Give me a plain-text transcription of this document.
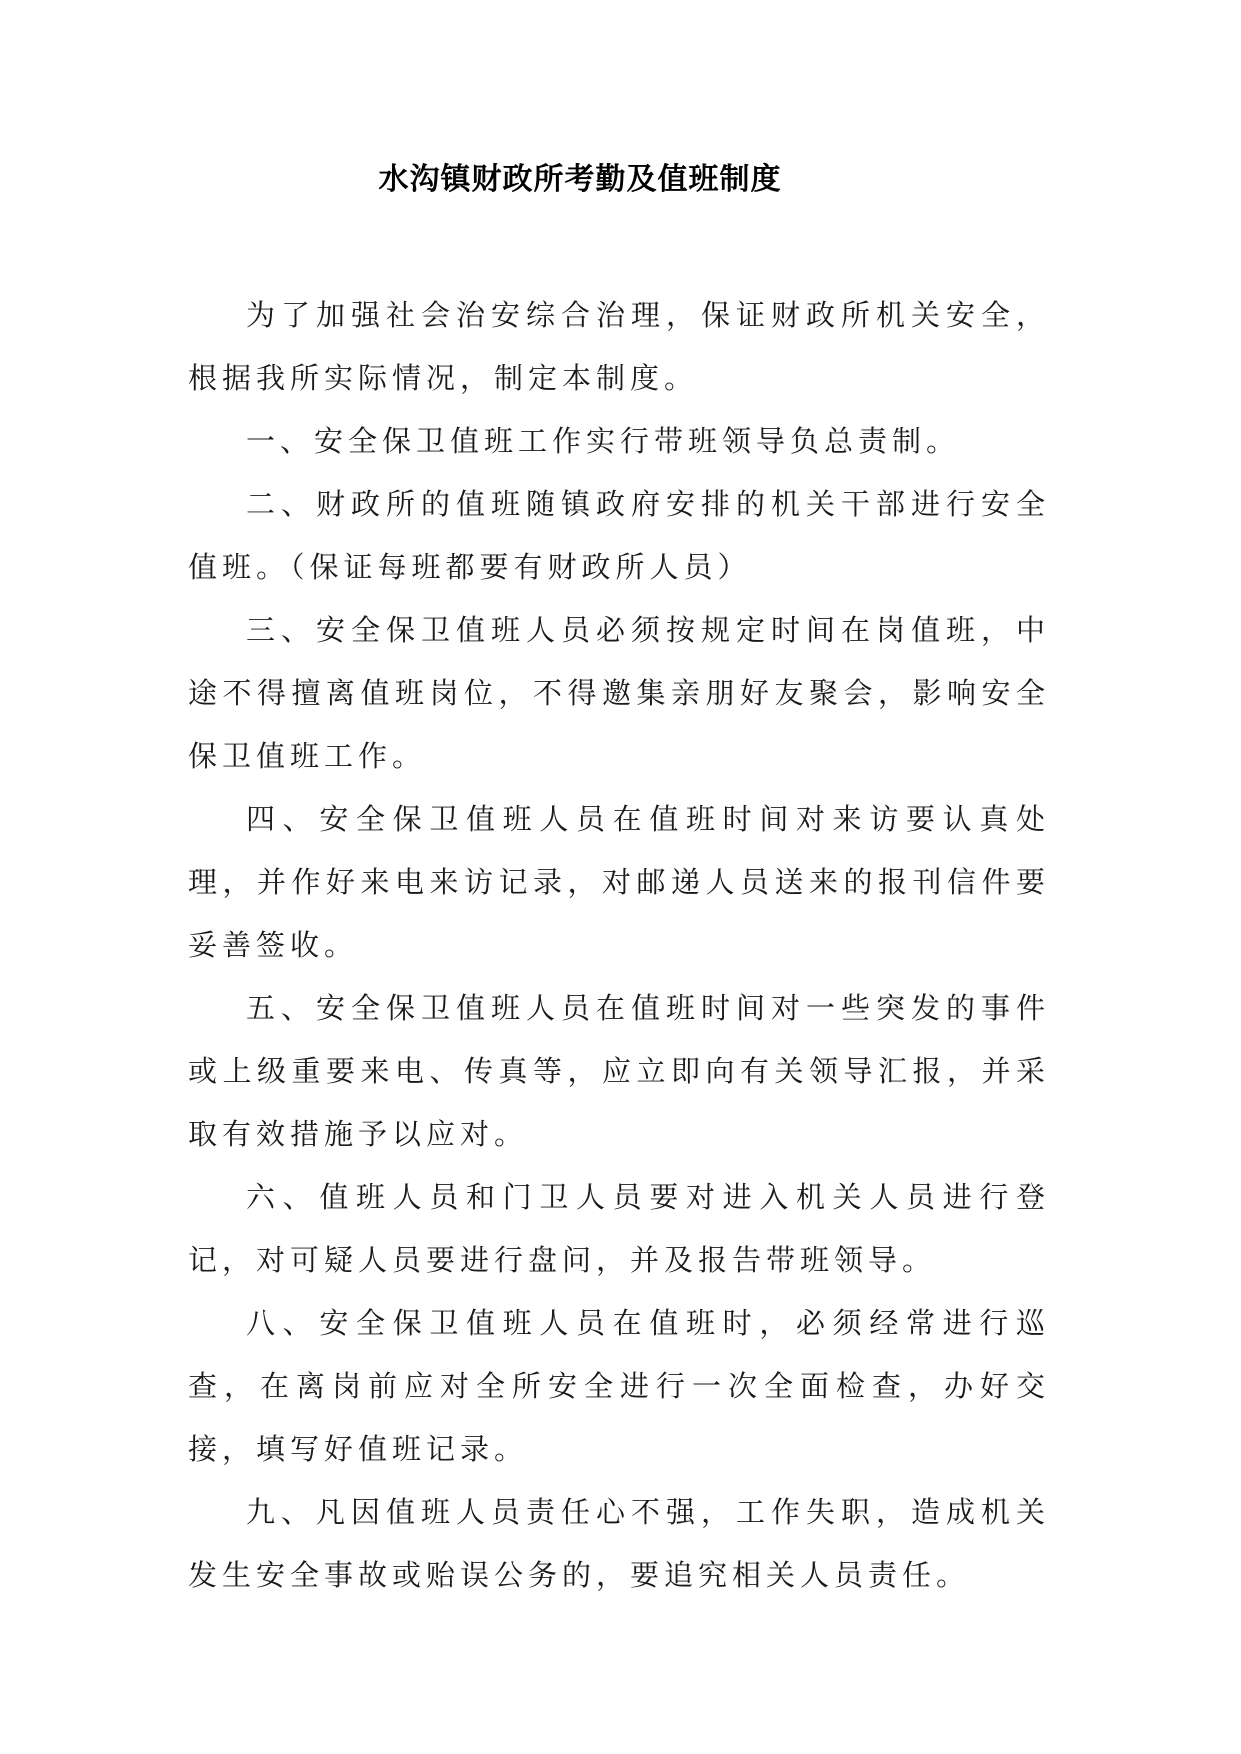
水沟镇财政所考勤及值班制度

为了加强社会治安综合治理，保证财政所机关安全，根据我所实际情况，制定本制度。

一、安全保卫值班工作实行带班领导负总责制。

二、财政所的值班随镇政府安排的机关干部进行安全值班。（保证每班都要有财政所人员）

三、安全保卫值班人员必须按规定时间在岗值班，中途不得擅离值班岗位，不得邀集亲朋好友聚会，影响安全保卫值班工作。

四、安全保卫值班人员在值班时间对来访要认真处理，并作好来电来访记录，对邮递人员送来的报刊信件要妥善签收。

五、安全保卫值班人员在值班时间对一些突发的事件或上级重要来电、传真等，应立即向有关领导汇报，并采取有效措施予以应对。

六、值班人员和门卫人员要对进入机关人员进行登记，对可疑人员要进行盘问，并及报告带班领导。

八、安全保卫值班人员在值班时，必须经常进行巡查，在离岗前应对全所安全进行一次全面检查，办好交接，填写好值班记录。

九、凡因值班人员责任心不强，工作失职，造成机关发生安全事故或贻误公务的，要追究相关人员责任。
